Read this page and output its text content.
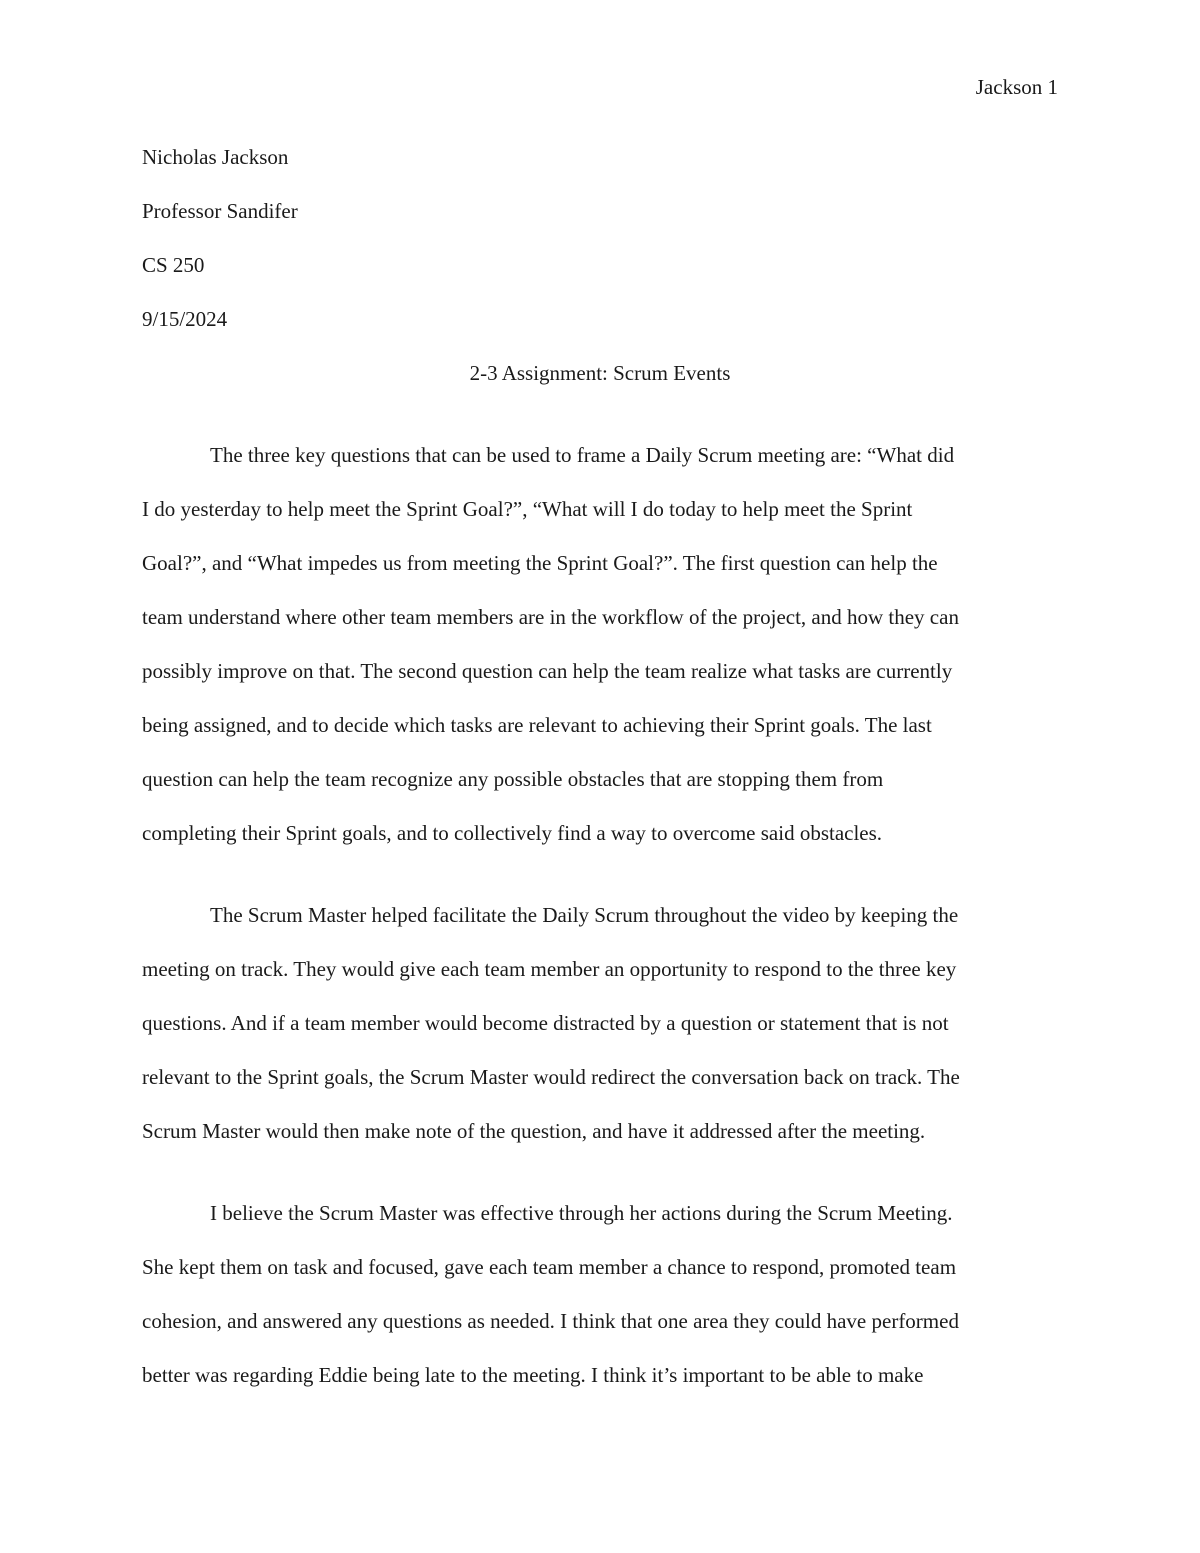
Jackson 1
Nicholas Jackson
Professor Sandifer
CS 250
9/15/2024
2-3 Assignment: Scrum Events
The three key questions that can be used to frame a Daily Scrum meeting are: “What did
I do yesterday to help meet the Sprint Goal?”, “What will I do today to help meet the Sprint
Goal?”, and “What impedes us from meeting the Sprint Goal?”. The first question can help the
team understand where other team members are in the workflow of the project, and how they can
possibly improve on that. The second question can help the team realize what tasks are currently
being assigned, and to decide which tasks are relevant to achieving their Sprint goals. The last
question can help the team recognize any possible obstacles that are stopping them from
completing their Sprint goals, and to collectively find a way to overcome said obstacles.
The Scrum Master helped facilitate the Daily Scrum throughout the video by keeping the
meeting on track. They would give each team member an opportunity to respond to the three key
questions. And if a team member would become distracted by a question or statement that is not
relevant to the Sprint goals, the Scrum Master would redirect the conversation back on track. The
Scrum Master would then make note of the question, and have it addressed after the meeting.
I believe the Scrum Master was effective through her actions during the Scrum Meeting.
She kept them on task and focused, gave each team member a chance to respond, promoted team
cohesion, and answered any questions as needed. I think that one area they could have performed
better was regarding Eddie being late to the meeting. I think it’s important to be able to make
